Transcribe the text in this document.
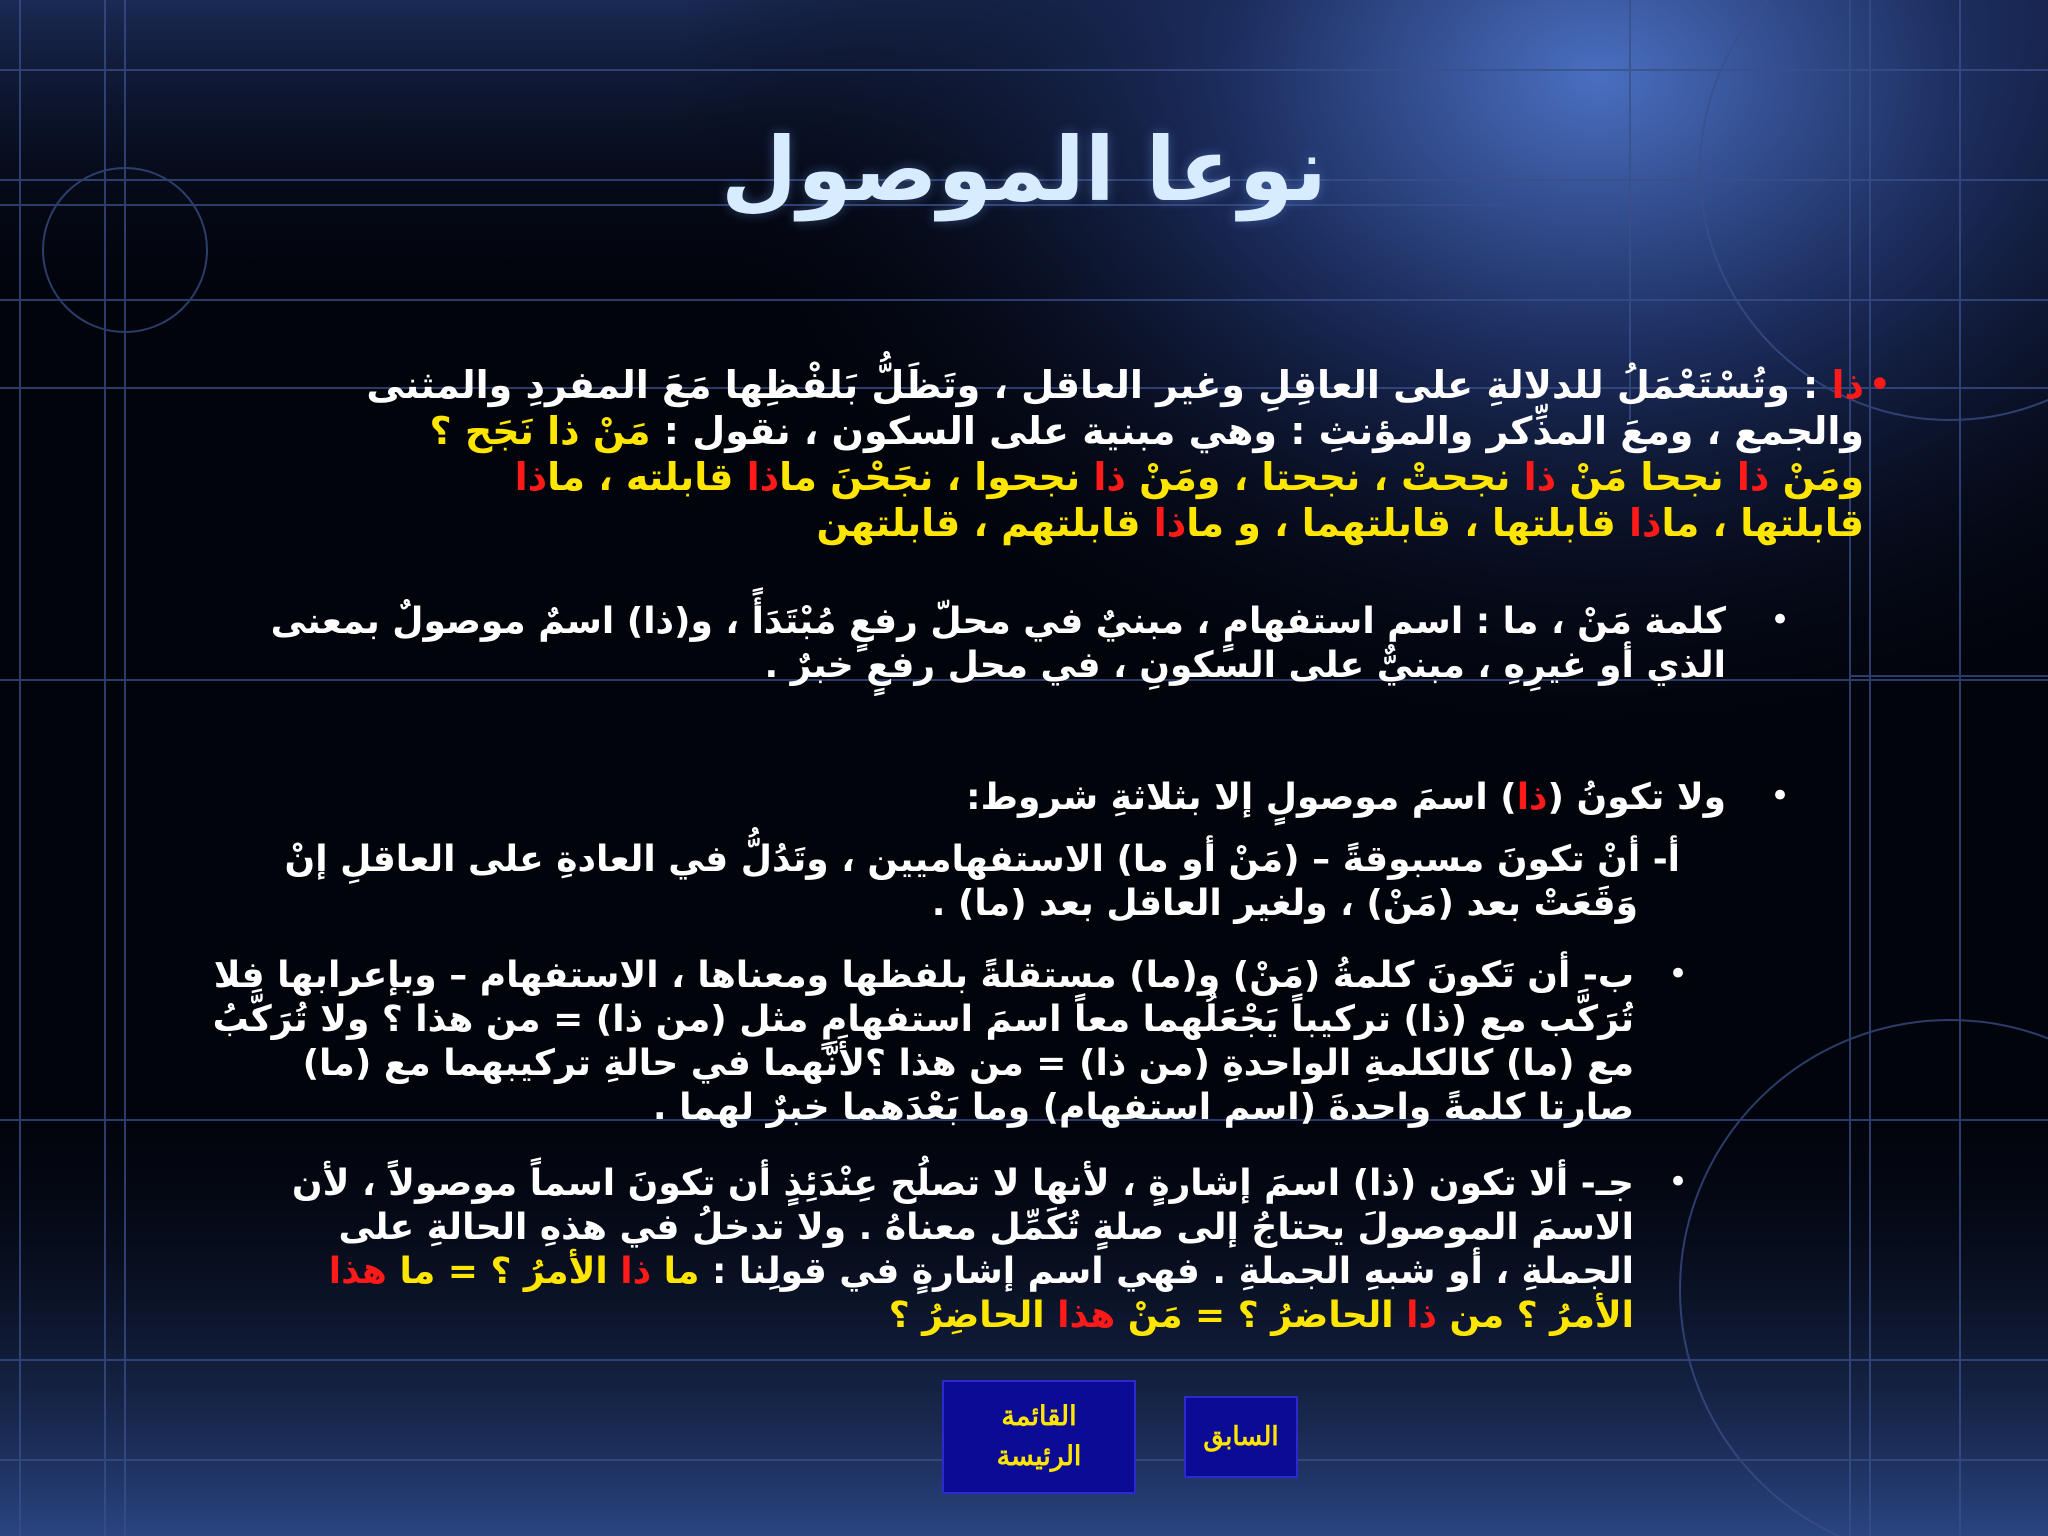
نوعا الموصول
•
ذا : وتُسْتَعْمَلُ للدلالةِ على العاقِلِ وغير العاقل ، وتَظَلُّ بَلفْظِها مَعَ المفردِ والمثنى
والجمع ، ومعَ المذِّكر والمؤنثِ : وهي مبنية على السكون ، نقول : مَنْ ذا نَجَح ؟
ومَنْ ذا نجحا مَنْ ذا نجحتْ ، نجحتا ، ومَنْ ذا نجحوا ، نجَحْنَ ماذا قابلته ، ماذا
قابلتها ، ماذا قابلتها ، قابلتهما ، و ماذا قابلتهم ، قابلتهن
•
كلمة مَنْ ، ما : اسم استفهامٍ ، مبنيٌ في محلّ رفعٍ مُبْتَدَأً ، و(ذا) اسمٌ موصولٌ بمعنى
الذي أو غيرِهِ ، مبنيٌّ على السكونِ ، في محل رفعٍ خبرٌ .
•
ولا تكونُ (ذا) اسمَ موصولٍ إلا بثلاثةِ شروط:
أ- أنْ تكونَ مسبوقةً – (مَنْ أو ما) الاستفهاميين ، وتَدُلُّ في العادةِ على العاقلِ إنْ
وَقَعَتْ بعد (مَنْ) ، ولغير العاقل بعد (ما) .
•
ب- أن تَكونَ كلمةُ (مَنْ) و(ما) مستقلةً بلفظها ومعناها ، الاستفهام – وبإعرابها فلا
تُرَكَّب مع (ذا) تركيباً يَجْعَلُهما معاً اسمَ استفهامٍ مثل (من ذا) = من هذا ؟ ولا تُرَكَّبُ
مع (ما) كالكلمةِ الواحدةِ (من ذا) = من هذا ؟لأَنَّهما في حالةِ تركيبهما مع (ما)
صارتا كلمةً واحدةَ (اسم استفهام) وما بَعْدَهما خبرٌ لهما .
•
جـ- ألا تكون (ذا) اسمَ إشارةٍ ، لأنها لا تصلُح عِنْدَئِذٍ أن تكونَ اسماً موصولاً ، لأن
الاسمَ الموصولَ يحتاجُ إلى صلةٍ تُكَمِّل معناهُ . ولا تدخلُ في هذهِ الحالةِ على
الجملةِ ، أو شبهِ الجملةِ . فهي اسم إشارةٍ في قولِنا : ما ذا الأمرُ ؟ = ما هذا
الأمرُ ؟ من ذا الحاضرُ ؟ = مَنْ هذا الحاضِرُ ؟
القائمة
الرئيسة
السابق
